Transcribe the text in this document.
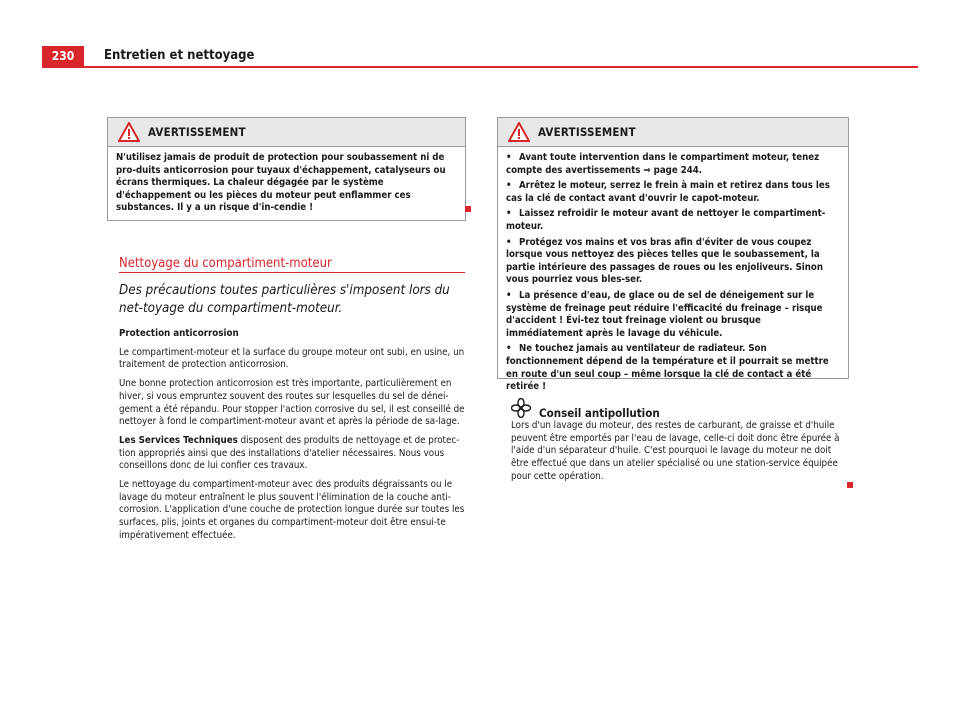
230	Entretien et nettoyage
AVERTISSEMENT

N'utilisez jamais de produit de protection pour soubassement ni de pro-duits anticorrosion pour tuyaux d'échappement, catalyseurs ou écrans thermiques. La chaleur dégagée par le système d'échappement ou les pièces du moteur peut enflammer ces substances. Il y a un risque d'in-cendie !

Nettoyage du compartiment-moteur

Des précautions toutes particulières s'imposent lors du net-toyage du compartiment-moteur.

Protection anticorrosion

Le compartiment-moteur et la surface du groupe moteur ont subi, en usine, un traitement de protection anticorrosion.

Une bonne protection anticorrosion est très importante, particulièrement en hiver, si vous empruntez souvent des routes sur lesquelles du sel de dénei-gement a été répandu. Pour stopper l'action corrosive du sel, il est conseillé de nettoyer à fond le compartiment-moteur avant et après la période de sa-lage.

Les Services Techniques disposent des produits de nettoyage et de protec-tion appropriés ainsi que des installations d'atelier nécessaires. Nous vous conseillons donc de lui confier ces travaux.

Le nettoyage du compartiment-moteur avec des produits dégraissants ou le lavage du moteur entraînent le plus souvent l'élimination de la couche anti-corrosion. L'application d'une couche de protection longue durée sur toutes les surfaces, plis, joints et organes du compartiment-moteur doit être ensui-te impérativement effectuée.

AVERTISSEMENT

• Avant toute intervention dans le compartiment moteur, tenez compte des avertissements ⇒ page 244.

• Arrêtez le moteur, serrez le frein à main et retirez dans tous les cas la clé de contact avant d'ouvrir le capot-moteur.

• Laissez refroidir le moteur avant de nettoyer le compartiment-moteur.

• Protégez vos mains et vos bras afin d'éviter de vous coupez lorsque vous nettoyez des pièces telles que le soubassement, la partie intérieure des passages de roues ou les enjoliveurs. Sinon vous pourriez vous bles-ser.

• La présence d'eau, de glace ou de sel de déneigement sur le système de freinage peut réduire l'efficacité du freinage – risque d'accident ! Évi-tez tout freinage violent ou brusque immédiatement après le lavage du véhicule.

• Ne touchez jamais au ventilateur de radiateur. Son fonctionnement dépend de la température et il pourrait se mettre en route d'un seul coup – même lorsque la clé de contact a été retirée !

Conseil antipollution

Lors d'un lavage du moteur, des restes de carburant, de graisse et d'huile peuvent être emportés par l'eau de lavage, celle-ci doit donc être épurée à l'aide d'un séparateur d'huile. C'est pourquoi le lavage du moteur ne doit être effectué que dans un atelier spécialisé ou une station-service équipée pour cette opération.
